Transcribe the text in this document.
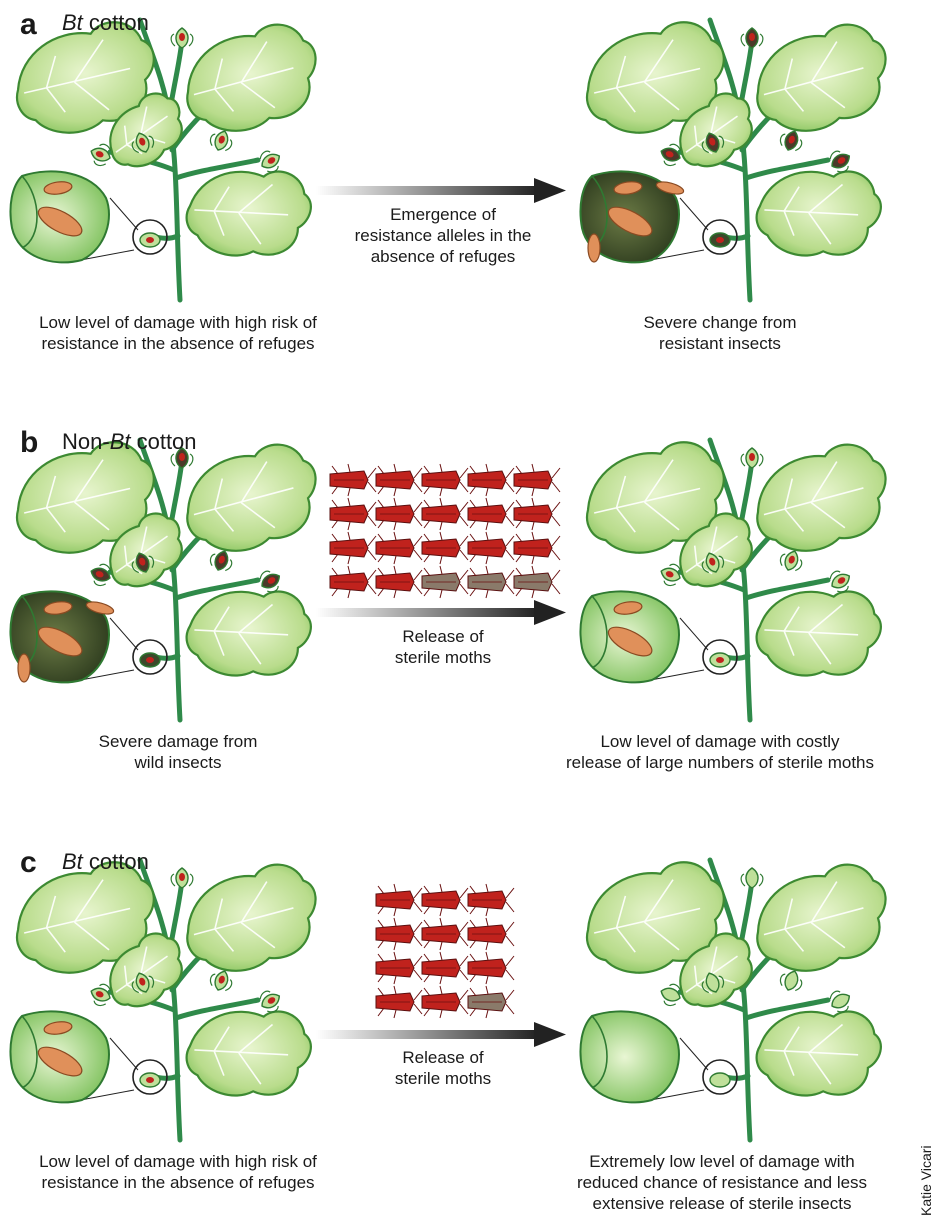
a Bt cotton
Emergence of
resistance alleles in the
absence of refuges
Low level of damage with high risk of
resistance in the absence of refuges
Severe change from
resistant insects
b Non-Bt cotton
Release of
sterile moths
Severe damage from
wild insects
Low level of damage with costly
release of large numbers of sterile moths
c Bt cotton
Release of
sterile moths
Low level of damage with high risk of
resistance in the absence of refuges
Extremely low level of damage with
reduced chance of resistance and less
extensive release of sterile insects	Katie Vicari
